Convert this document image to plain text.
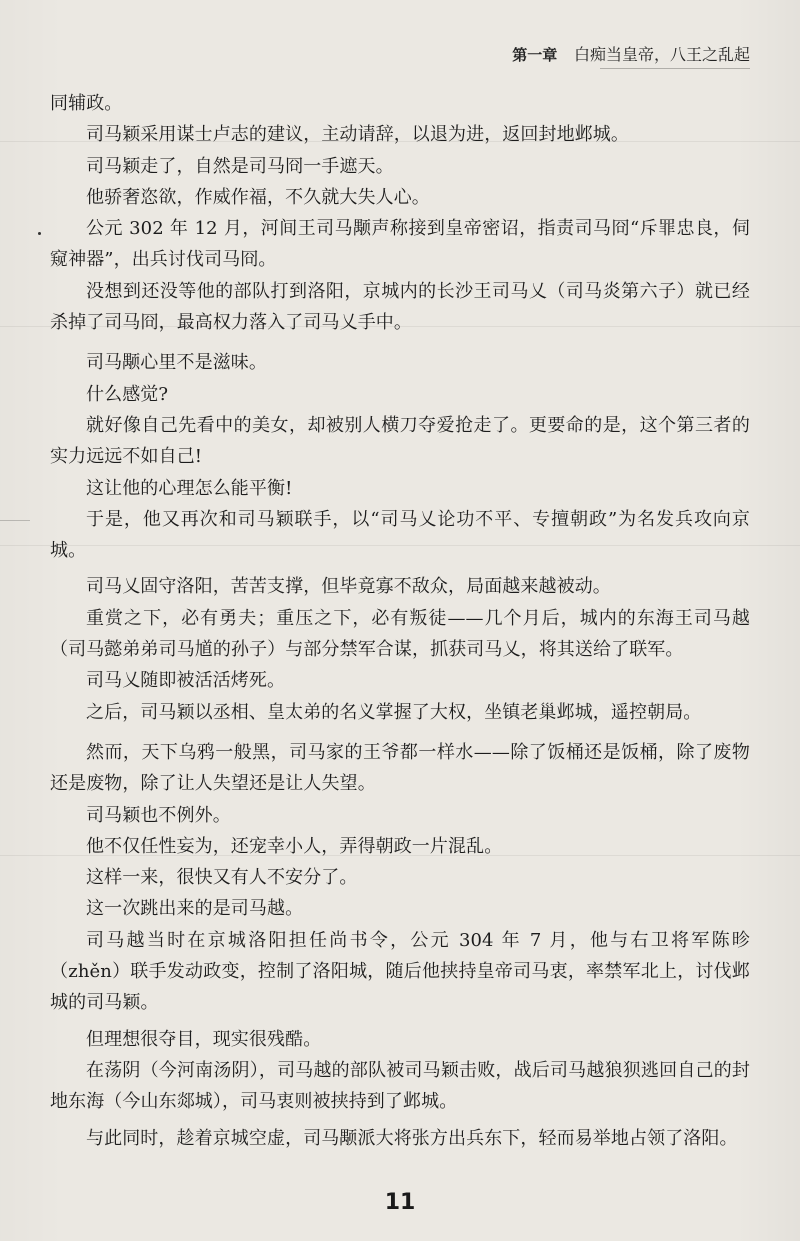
第一章 白痴当皇帝，八王之乱起

同辅政。

司马颖采用谋士卢志的建议，主动请辞，以退为进，返回封地邺城。

司马颖走了，自然是司马冏一手遮天。

他骄奢恣欲，作威作福，不久就大失人心。

公元 302 年 12 月，河间王司马颙声称接到皇帝密诏，指责司马冏“斥罪忠良，伺窥神器”，出兵讨伐司马冏。

没想到还没等他的部队打到洛阳，京城内的长沙王司马乂（司马炎第六子）就已经杀掉了司马冏，最高权力落入了司马乂手中。

司马颙心里不是滋味。

什么感觉?

就好像自己先看中的美女，却被别人横刀夺爱抢走了。更要命的是，这个第三者的实力远远不如自己!

这让他的心理怎么能平衡!

于是，他又再次和司马颖联手，以“司马乂论功不平、专擅朝政”为名发兵攻向京城。

司马乂固守洛阳，苦苦支撑，但毕竟寡不敌众，局面越来越被动。

重赏之下，必有勇夫；重压之下，必有叛徒——几个月后，城内的东海王司马越（司马懿弟弟司马馗的孙子）与部分禁军合谋，抓获司马乂，将其送给了联军。

司马乂随即被活活烤死。

之后，司马颖以丞相、皇太弟的名义掌握了大权，坐镇老巢邺城，遥控朝局。

然而，天下乌鸦一般黑，司马家的王爷都一样水——除了饭桶还是饭桶，除了废物还是废物，除了让人失望还是让人失望。

司马颖也不例外。

他不仅任性妄为，还宠幸小人，弄得朝政一片混乱。

这样一来，很快又有人不安分了。

这一次跳出来的是司马越。

司马越当时在京城洛阳担任尚书令，公元 304 年 7 月，他与右卫将军陈昣（zhěn）联手发动政变，控制了洛阳城，随后他挟持皇帝司马衷，率禁军北上，讨伐邺城的司马颖。

但理想很夺目，现实很残酷。

在荡阴（今河南汤阴），司马越的部队被司马颖击败，战后司马越狼狈逃回自己的封地东海（今山东郯城），司马衷则被挟持到了邺城。

与此同时，趁着京城空虚，司马颙派大将张方出兵东下，轻而易举地占领了洛阳。

11
